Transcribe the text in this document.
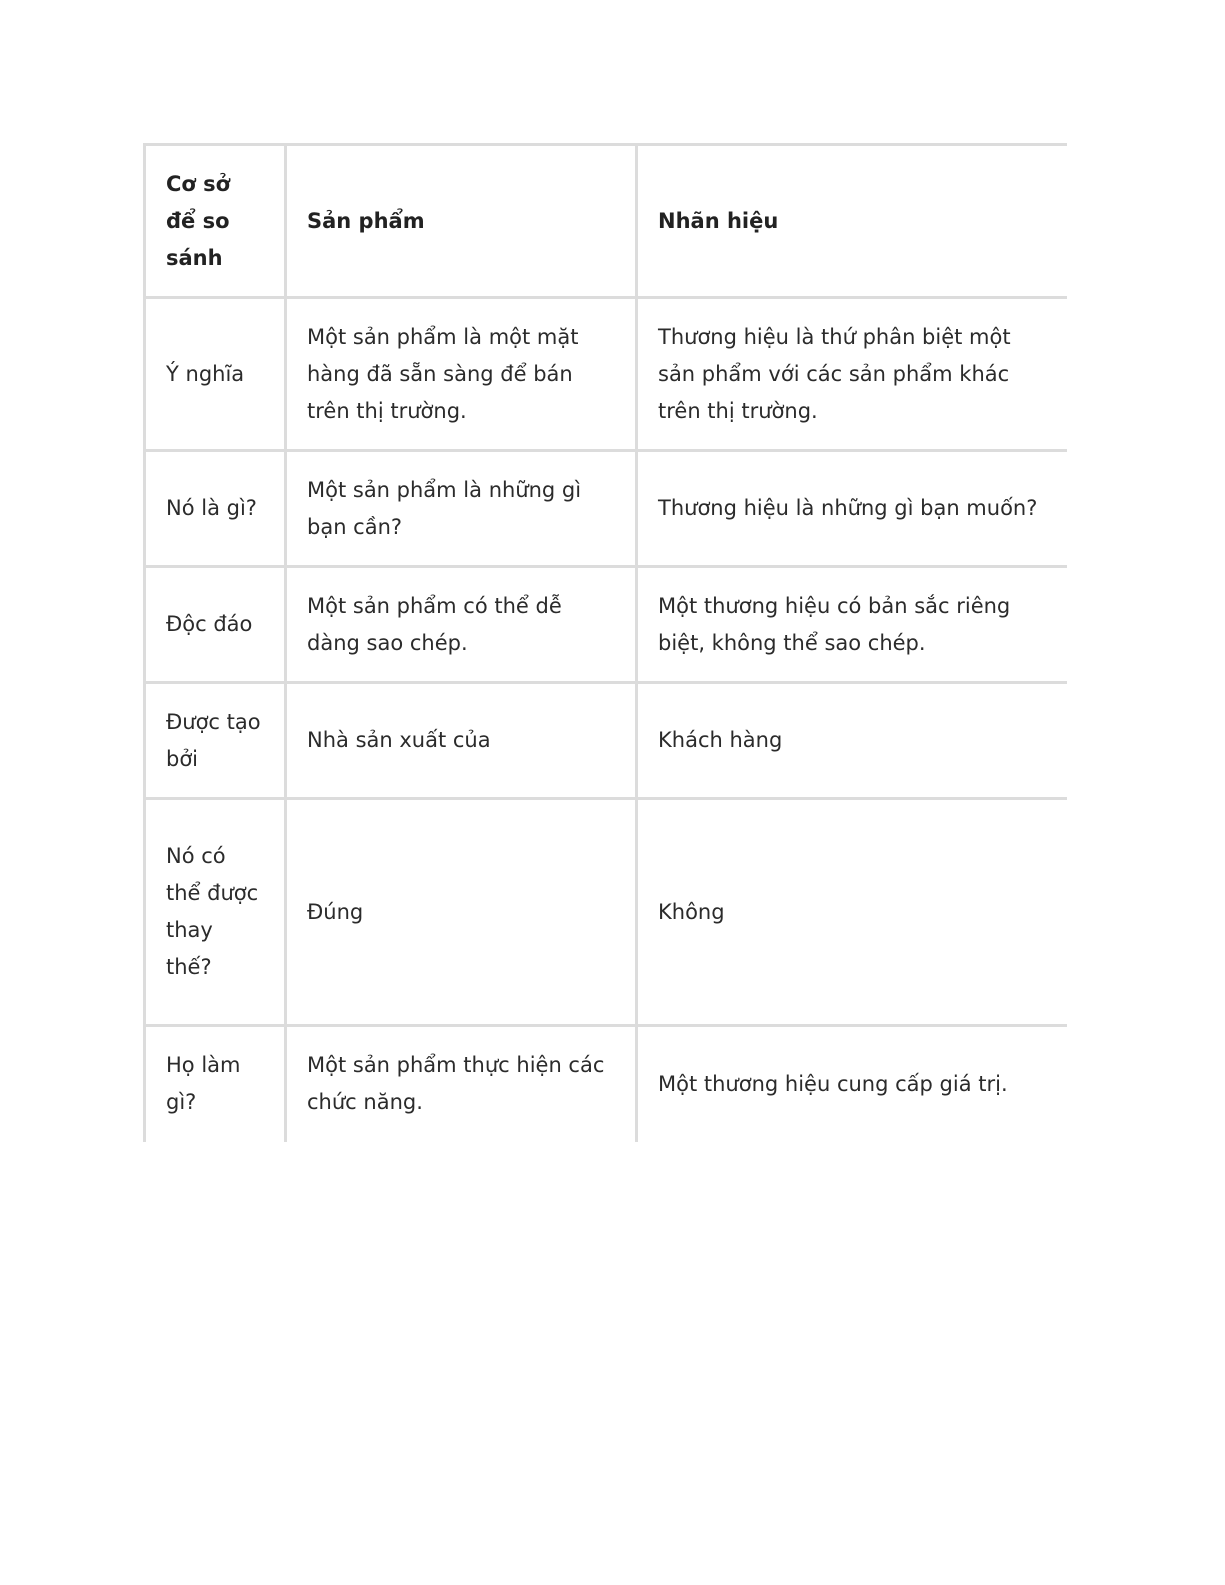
Cơ sở để so sánh	Sản phẩm	Nhãn hiệu
Ý nghĩa	Một sản phẩm là một mặt hàng đã sẵn sàng để bán trên thị trường.	Thương hiệu là thứ phân biệt một sản phẩm với các sản phẩm khác trên thị trường.
Nó là gì?	Một sản phẩm là những gì bạn cần?	Thương hiệu là những gì bạn muốn?
Độc đáo	Một sản phẩm có thể dễ dàng sao chép.	Một thương hiệu có bản sắc riêng biệt, không thể sao chép.
Được tạo bởi	Nhà sản xuất của	Khách hàng
Nó có thể được thay thế?	Đúng	Không
Họ làm gì?	Một sản phẩm thực hiện các chức năng.	Một thương hiệu cung cấp giá trị.
